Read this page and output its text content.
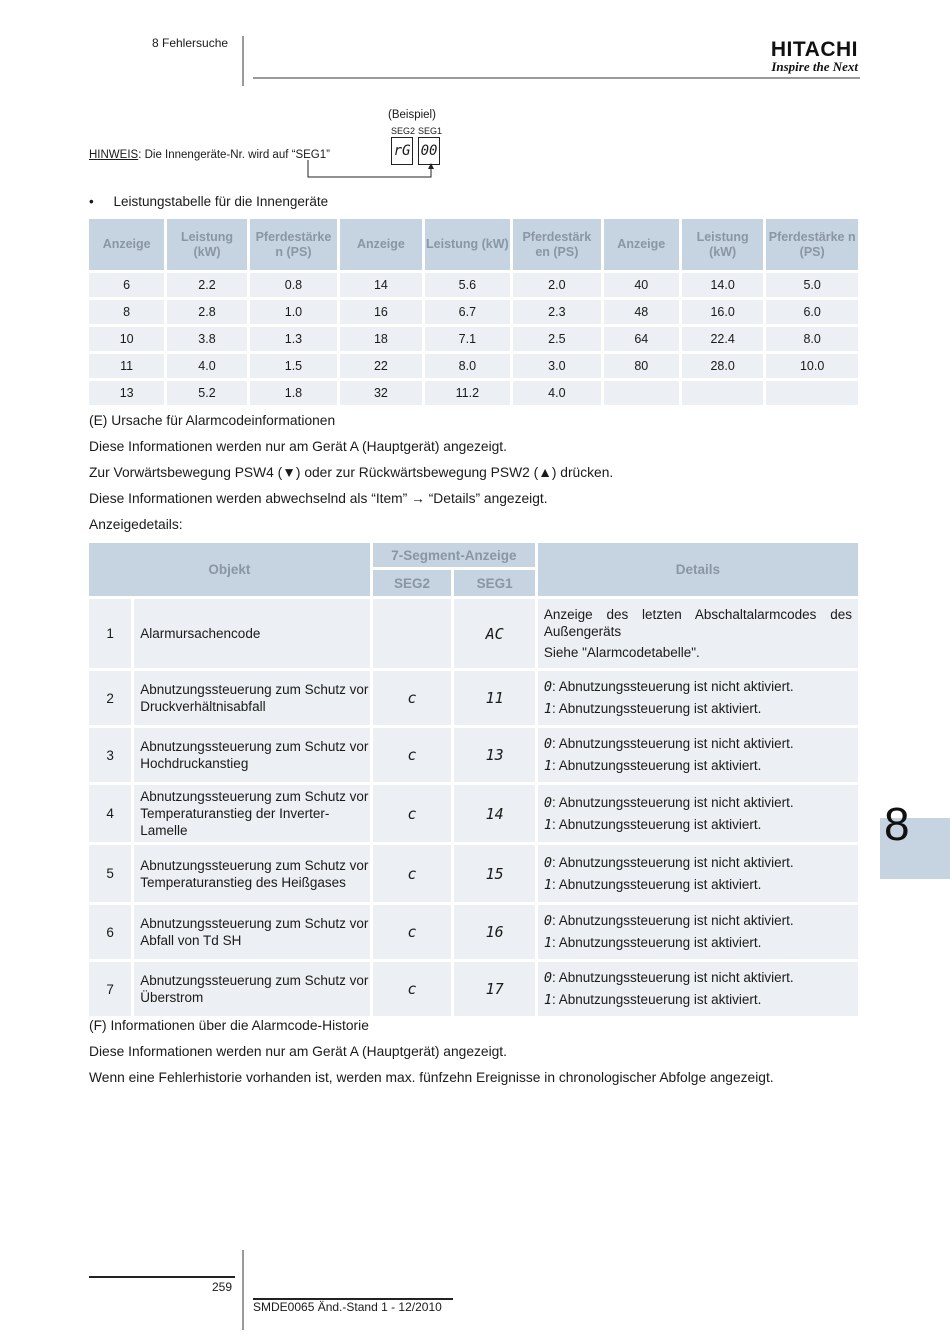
8 Fehlersuche	HITACHI
Inspire the Next
(Beispiel)
SEG2 SEG1
rG 00
HINWEIS: Die Innengeräte-Nr. wird auf “SEG1”
• Leistungstabelle für die Innengeräte
Anzeige	Leistung (kW)	Pferdestärke n (PS)	Anzeige	Leistung (kW)	Pferdestärk en (PS)	Anzeige	Leistung (kW)	Pferdestärke n (PS)
6	2.2	0.8	14	5.6	2.0	40	14.0	5.0
8	2.8	1.0	16	6.7	2.3	48	16.0	6.0
10	3.8	1.3	18	7.1	2.5	64	22.4	8.0
11	4.0	1.5	22	8.0	3.0	80	28.0	10.0
13	5.2	1.8	32	11.2	4.0			
(E) Ursache für Alarmcodeinformationen
Diese Informationen werden nur am Gerät A (Hauptgerät) angezeigt.
Zur Vorwärtsbewegung PSW4 (▼) oder zur Rückwärtsbewegung PSW2 (▲) drücken.
Diese Informationen werden abwechselnd als “Item” → “Details” angezeigt.
Anzeigedetails:
Objekt		7-Segment-Anzeige		Details
		SEG2	SEG1	
1	Alarmursachencode		AC	Anzeige des letzten Abschaltalarmcodes des Außengeräts
Siehe "Alarmcodetabelle".

2	Abnutzungssteuerung zum Schutz vor Druckverhältnisabfall	c	11	0: Abnutzungssteuerung ist nicht aktiviert.
1: Abnutzungssteuerung ist aktiviert.

3	Abnutzungssteuerung zum Schutz vor Hochdruckanstieg	c	13	0: Abnutzungssteuerung ist nicht aktiviert.
1: Abnutzungssteuerung ist aktiviert.

4	Abnutzungssteuerung zum Schutz vor Temperaturanstieg der Inverter-Lamelle	c	14	0: Abnutzungssteuerung ist nicht aktiviert.
1: Abnutzungssteuerung ist aktiviert.

5	Abnutzungssteuerung zum Schutz vor Temperaturanstieg des Heißgases	c	15	0: Abnutzungssteuerung ist nicht aktiviert.
1: Abnutzungssteuerung ist aktiviert.

6	Abnutzungssteuerung zum Schutz vor Abfall von Td SH	c	16	0: Abnutzungssteuerung ist nicht aktiviert.
1: Abnutzungssteuerung ist aktiviert.

7	Abnutzungssteuerung zum Schutz vor Überstrom	c	17	0: Abnutzungssteuerung ist nicht aktiviert.
1: Abnutzungssteuerung ist aktiviert.
(F) Informationen über die Alarmcode-Historie
Diese Informationen werden nur am Gerät A (Hauptgerät) angezeigt.
Wenn eine Fehlerhistorie vorhanden ist, werden max. fünfzehn Ereignisse in chronologischer Abfolge angezeigt.
8
259
SMDE0065 Änd.-Stand 1 - 12/2010
